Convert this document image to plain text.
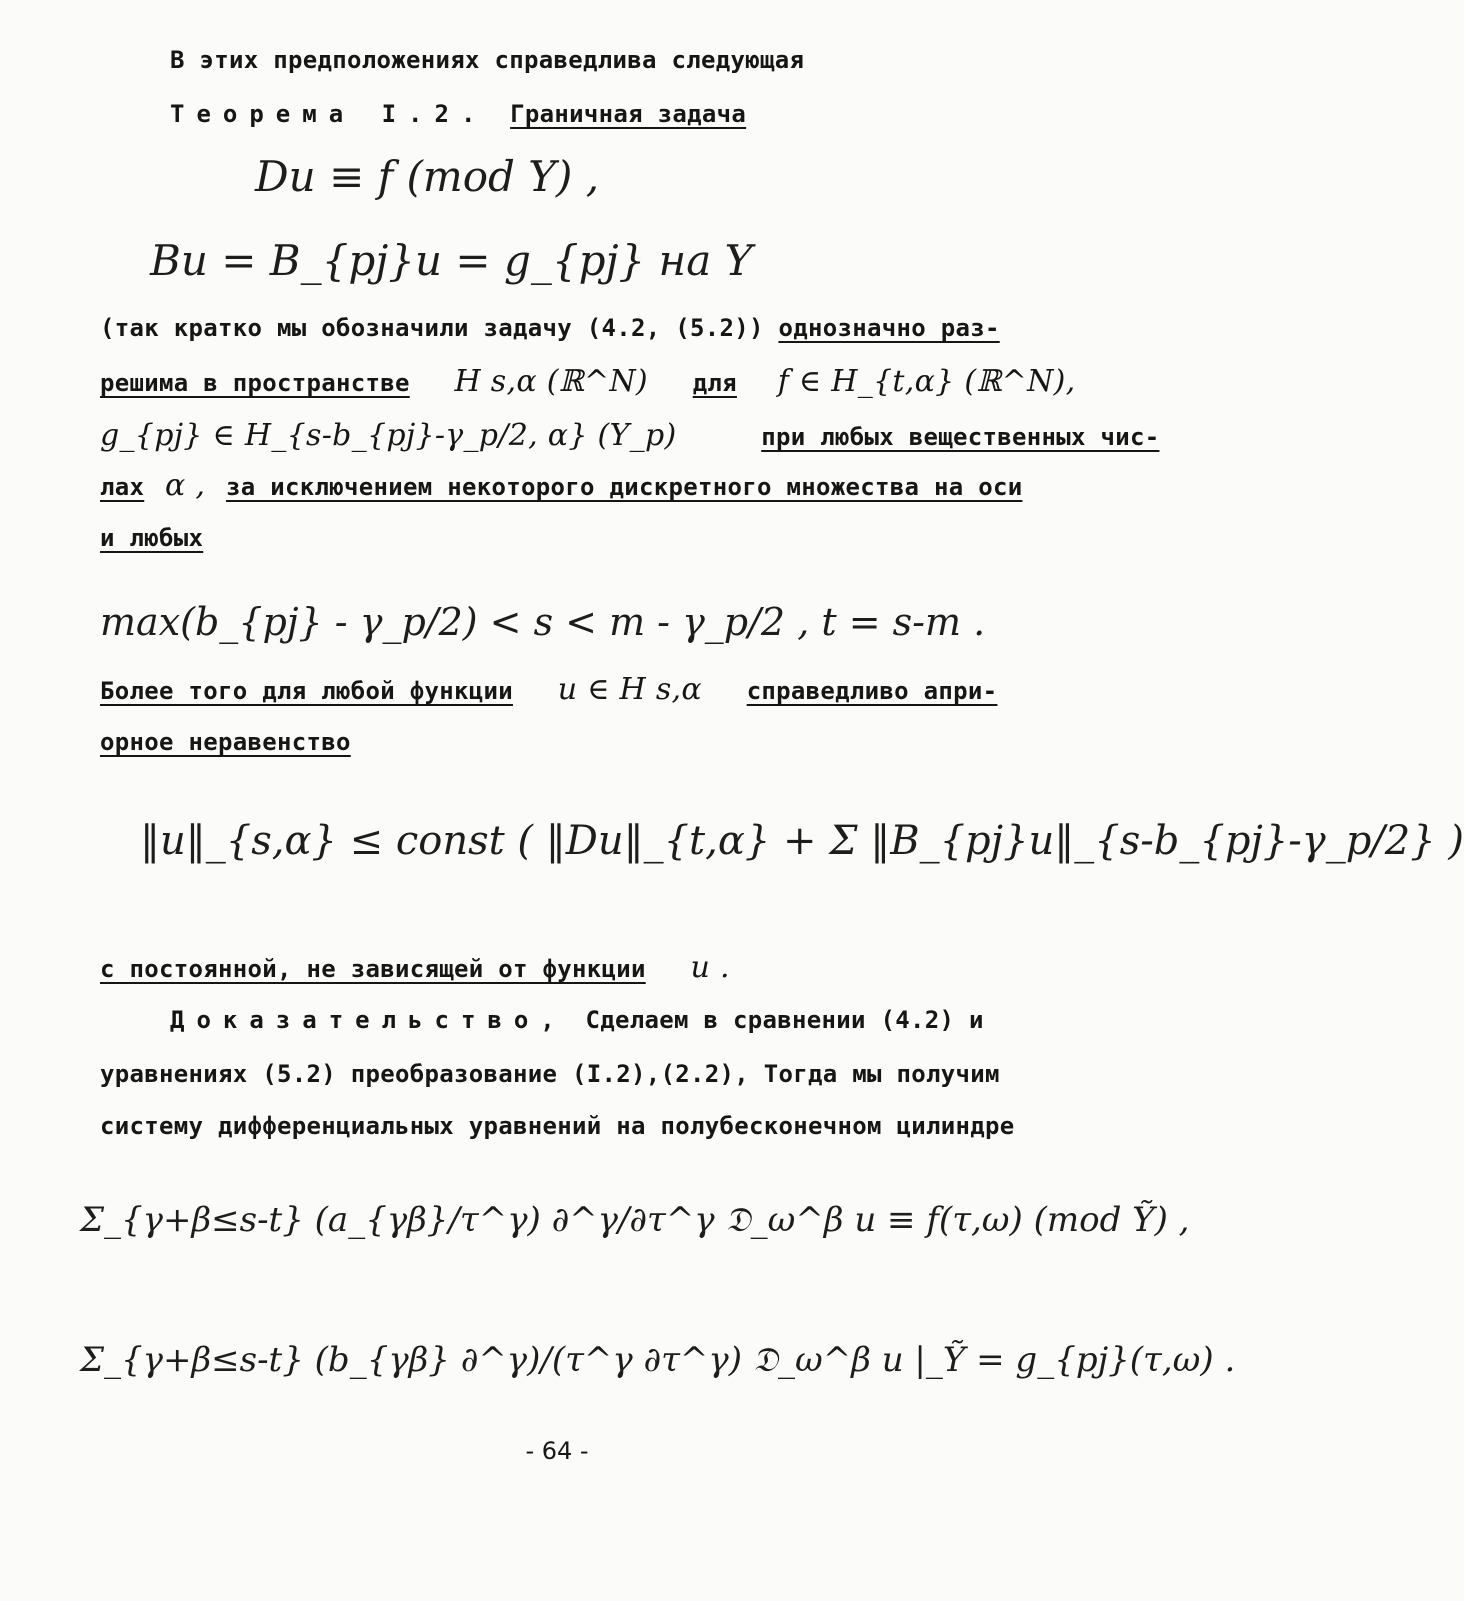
В этих предположениях справедлива следующая
Теорема I.2. Граничная задача
Du ≡ f (mod Y) ,
Bu = B_{pj}u = g_{pj} на Y
(так кратко мы обозначили задачу (4.2, (5.2)) однозначно раз-
решима в пространстве H s,α (ℝ^N) для f ∈ H_{t,α} (ℝ^N),
g_{pj} ∈ H_{s-b_{pj}-γ_p/2, α} (Y_p)	при любых вещественных чис-
лах α , за исключением некоторого дискретного множества на оси
и любых
max(b_{pj} - γ_p/2) < s < m - γ_p/2 , t = s-m .
Более того для любой функции u ∈ H s,α справедливо апри-
орное неравенство
‖u‖_{s,α} ≤ const ( ‖Du‖_{t,α} + Σ ‖B_{pj}u‖_{s-b_{pj}-γ_p/2} )
с постоянной, не зависящей от функции u .
Доказательство, Сделаем в сравнении (4.2) и
уравнениях (5.2) преобразование (I.2),(2.2), Тогда мы получим
систему дифференциальных уравнений на полубесконечном цилиндре
Σ_{γ+β≤s-t} (a_{γβ}/τ^γ) ∂^γ/∂τ^γ 𝔇_ω^β u ≡ f(τ,ω) (mod Ỹ) ,
Σ_{γ+β≤s-t} (b_{γβ} ∂^γ)/(τ^γ ∂τ^γ) 𝔇_ω^β u |_Ỹ = g_{pj}(τ,ω) .
- 64 -
